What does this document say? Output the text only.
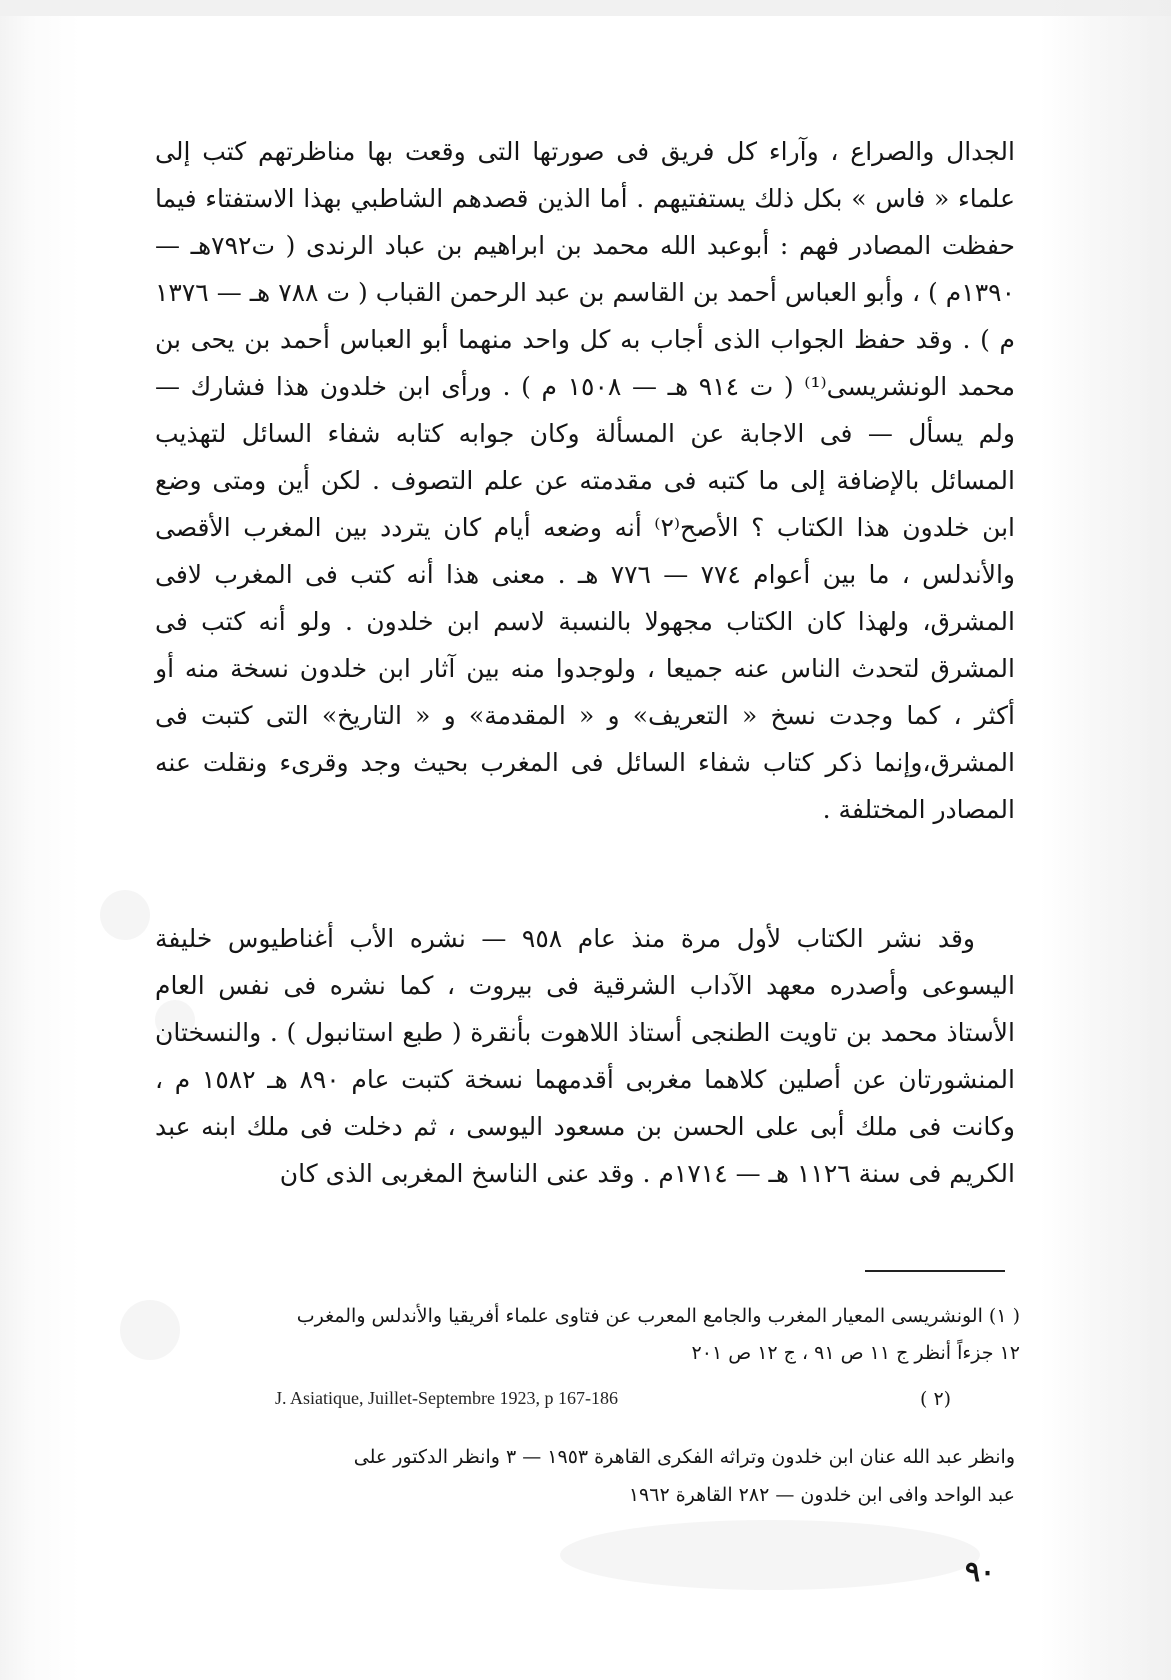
الجدال والصراع ، وآراء كل فريق فى صورتها التى وقعت بها مناظرتهم كتب إلى علماء « فاس » بكل ذلك يستفتيهم . أما الذين قصدهم الشاطبي بهذا الاستفتاء فيما حفظت المصادر فهم : أبوعبد الله محمد بن ابراهيم بن عباد الرندى ( ت٧٩٢هـ — ١٣٩٠م ) ، وأبو العباس أحمد بن القاسم بن عبد الرحمن القباب ( ت ٧٨٨ هـ — ١٣٧٦ م ) . وقد حفظ الجواب الذى أجاب به كل واحد منهما أبو العباس أحمد بن يحى بن محمد الونشريسى⁽¹⁾ ( ت ٩١٤ هـ — ١٥٠٨ م ) . ورأى ابن خلدون هذا فشارك — ولم يسأل — فى الاجابة عن المسألة وكان جوابه كتابه شفاء السائل لتهذيب المسائل بالإضافة إلى ما كتبه فى مقدمته عن علم التصوف . لكن أين ومتى وضع ابن خلدون هذا الكتاب ؟ الأصح⁽٢⁾ أنه وضعه أيام كان يتردد بين المغرب الأقصى والأندلس ، ما بين أعوام ٧٧٤ — ٧٧٦ هـ . معنى هذا أنه كتب فى المغرب لافى المشرق، ولهذا كان الكتاب مجهولا بالنسبة لاسم ابن خلدون . ولو أنه كتب فى المشرق لتحدث الناس عنه جميعا ، ولوجدوا منه بين آثار ابن خلدون نسخة منه أو أكثر ، كما وجدت نسخ « التعريف» و « المقدمة» و « التاريخ» التى كتبت فى المشرق،وإنما ذكر كتاب شفاء السائل فى المغرب بحيث وجد وقرىء ونقلت عنه المصادر المختلفة .

وقد نشر الكتاب لأول مرة منذ عام ٩٥٨ — نشره الأب أغناطيوس خليفة اليسوعى وأصدره معهد الآداب الشرقية فى بيروت ، كما نشره فى نفس العام الأستاذ محمد بن تاويت الطنجى أستاذ اللاهوت بأنقرة ( طبع استانبول ) . والنسختان المنشورتان عن أصلين كلاهما مغربى أقدمهما نسخة كتبت عام ٨٩٠ هـ ١٥٨٢ م ، وكانت فى ملك أبى على الحسن بن مسعود اليوسى ، ثم دخلت فى ملك ابنه عبد الكريم فى سنة ١١٢٦ هـ — ١٧١٤م . وقد عنى الناسخ المغربى الذى كان

( ١) الونشريسى المعيار المغرب والجامع المعرب عن فتاوى علماء أفريقيا والأندلس والمغرب

١٢ جزءاً أنظر ج ١١ ص ٩١ ، ج ١٢ ص ٢٠١

J. Asiatique, Juillet-Septembre 1923, p 167-186	( ٢)

وانظر عبد الله عنان ابن خلدون وتراثه الفكرى القاهرة ١٩٥٣ — ٣ وانظر الدكتور على

عبد الواحد وافى ابن خلدون — ٢٨٢ القاهرة ١٩٦٢

٩٠
